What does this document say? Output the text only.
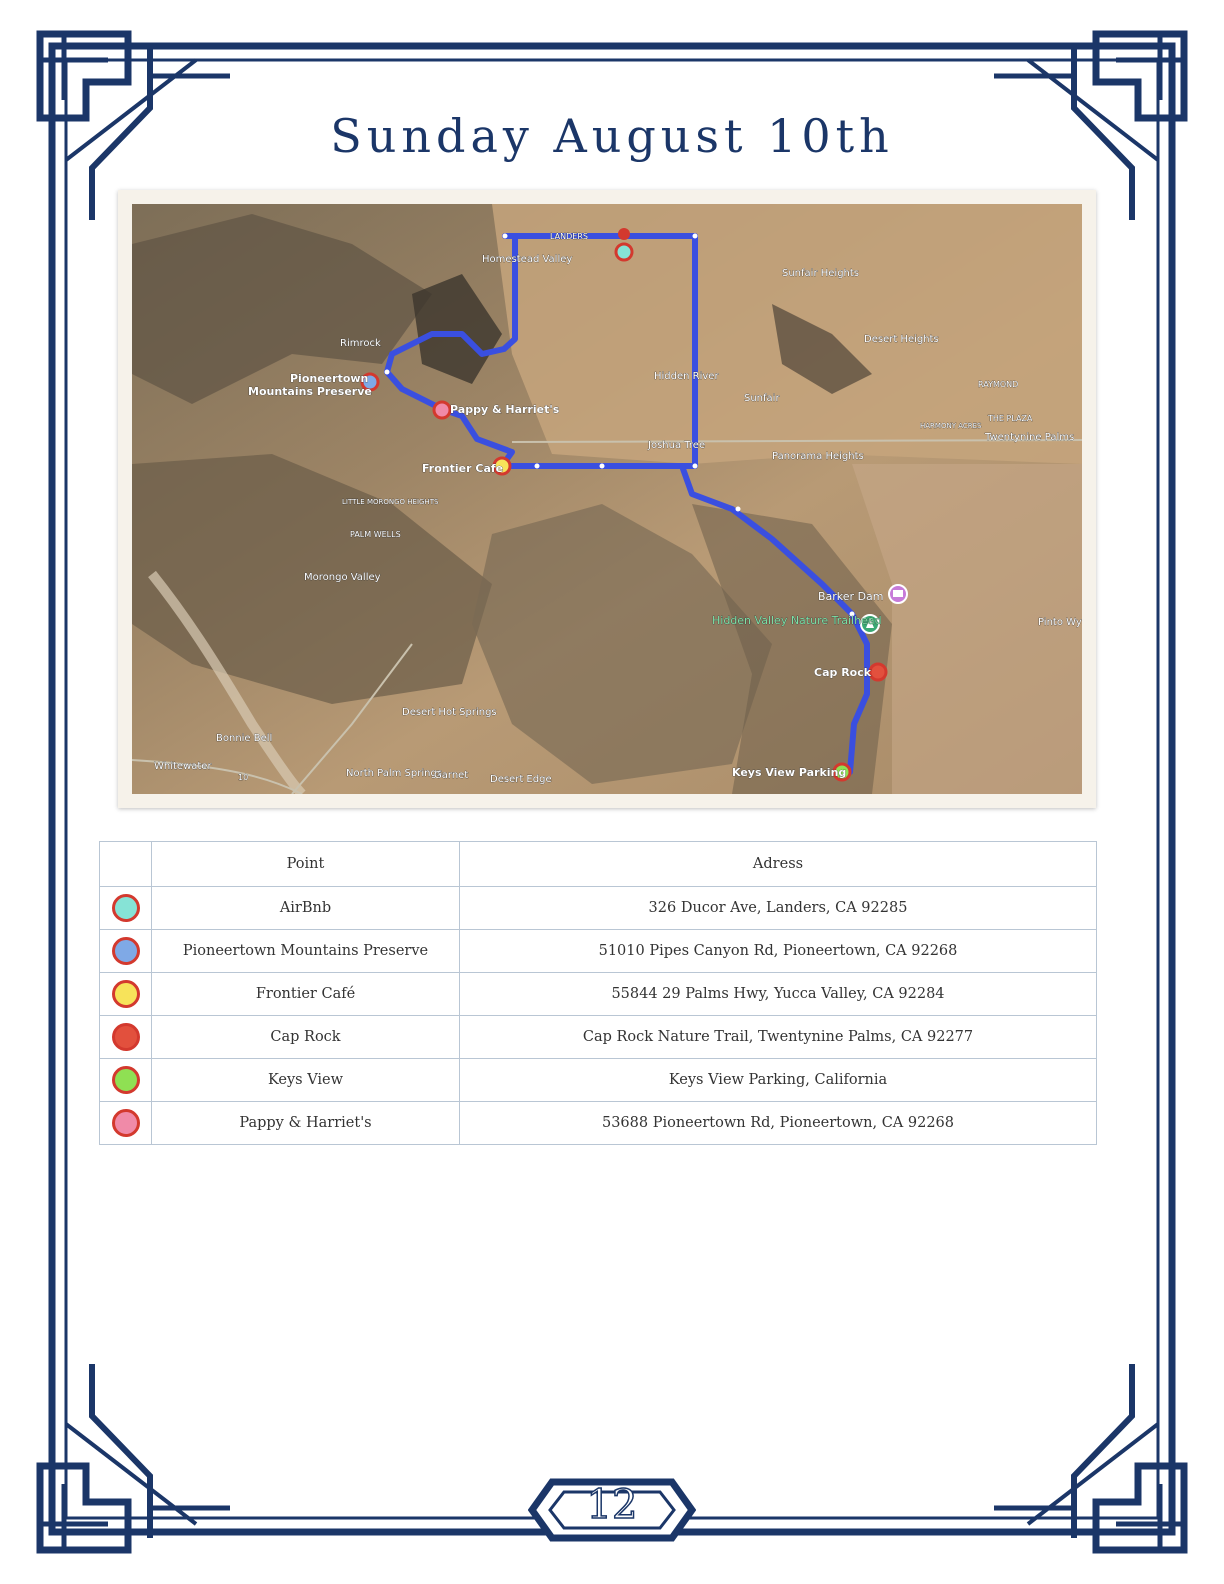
Sunday August 10th
LANDERS
Homestead Valley
Rimrock
Pioneertown
Mountains Preserve
Pappy & Harriet's
Frontier Cafe
Joshua Tree
Hidden River
Sunfair
Sunfair Heights
Desert Heights
RAYMOND
THE PLAZA
HARMONY ACRES
Twentynine Palms
Panorama Heights
LITTLE MORONGO HEIGHTS
PALM WELLS
Morongo Valley
Barker Dam
Hidden Valley Nature Trailhead	Pinto Wy
Cap Rock
Desert Hot Springs
Bonnie Bell
Whitewater
North Palm Springs
Garnet Desert Edge
Keys View Parking
10
	Point	Adress
	AirBnb	326 Ducor Ave, Landers, CA 92285
	Pioneertown Mountains Preserve	51010 Pipes Canyon Rd, Pioneertown, CA 92268
	Frontier Café	55844 29 Palms Hwy, Yucca Valley, CA 92284
	Cap Rock	Cap Rock Nature Trail, Twentynine Palms, CA 92277
	Keys View	Keys View Parking, California
	Pappy & Harriet's	53688 Pioneertown Rd, Pioneertown, CA 92268
12
